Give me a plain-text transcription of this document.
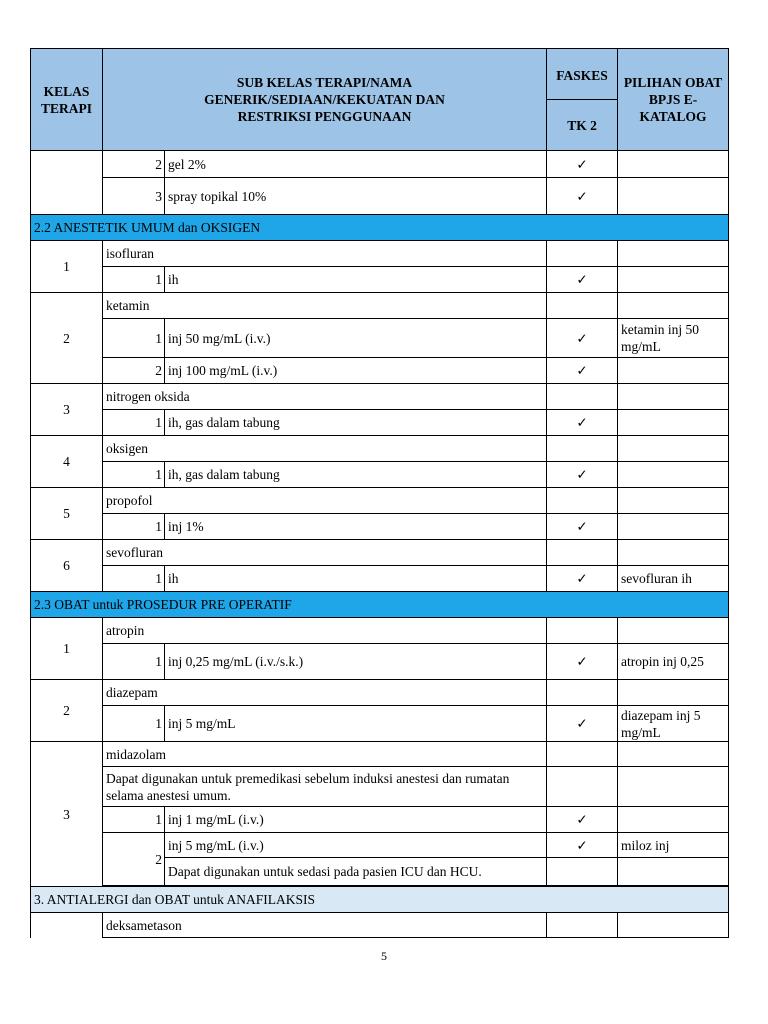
KELAS TERAPI	SUB KELAS TERAPI/NAMA GENERIK/SEDIAAN/KEKUATAN DAN RESTRIKSI PENGGUNAAN		FASKES	PILIHAN OBAT BPJS E-KATALOG
			TK 2	
	2	gel 2%	✓	
	3	spray topikal 10%	✓	
2.2 ANESTETIK UMUM dan OKSIGEN				
1	isofluran			
	1	ih	✓	
2	ketamin			
	1	inj 50 mg/mL (i.v.)	✓	ketamin inj 50 mg/mL
	2	inj 100 mg/mL (i.v.)	✓	
3	nitrogen oksida			
	1	ih, gas dalam tabung	✓	
4	oksigen			
	1	ih, gas dalam tabung	✓	
5	propofol			
	1	inj 1%	✓	
6	sevofluran			
	1	ih	✓	sevofluran ih
2.3 OBAT untuk PROSEDUR PRE OPERATIF				
1	atropin			
	1	inj 0,25 mg/mL (i.v./s.k.)	✓	atropin inj 0,25
2	diazepam			
	1	inj 5 mg/mL	✓	diazepam inj 5 mg/mL
3	midazolam			
	Dapat digunakan untuk premedikasi sebelum induksi anestesi dan rumatan selama anestesi umum.			
	1	inj 1 mg/mL (i.v.)	✓	
	2	inj 5 mg/mL (i.v.)	✓	miloz inj
		Dapat digunakan untuk sedasi pada pasien ICU dan HCU.		

3. ANTIALERGI dan OBAT untuk ANAFILAKSIS				
	deksametason			
5
